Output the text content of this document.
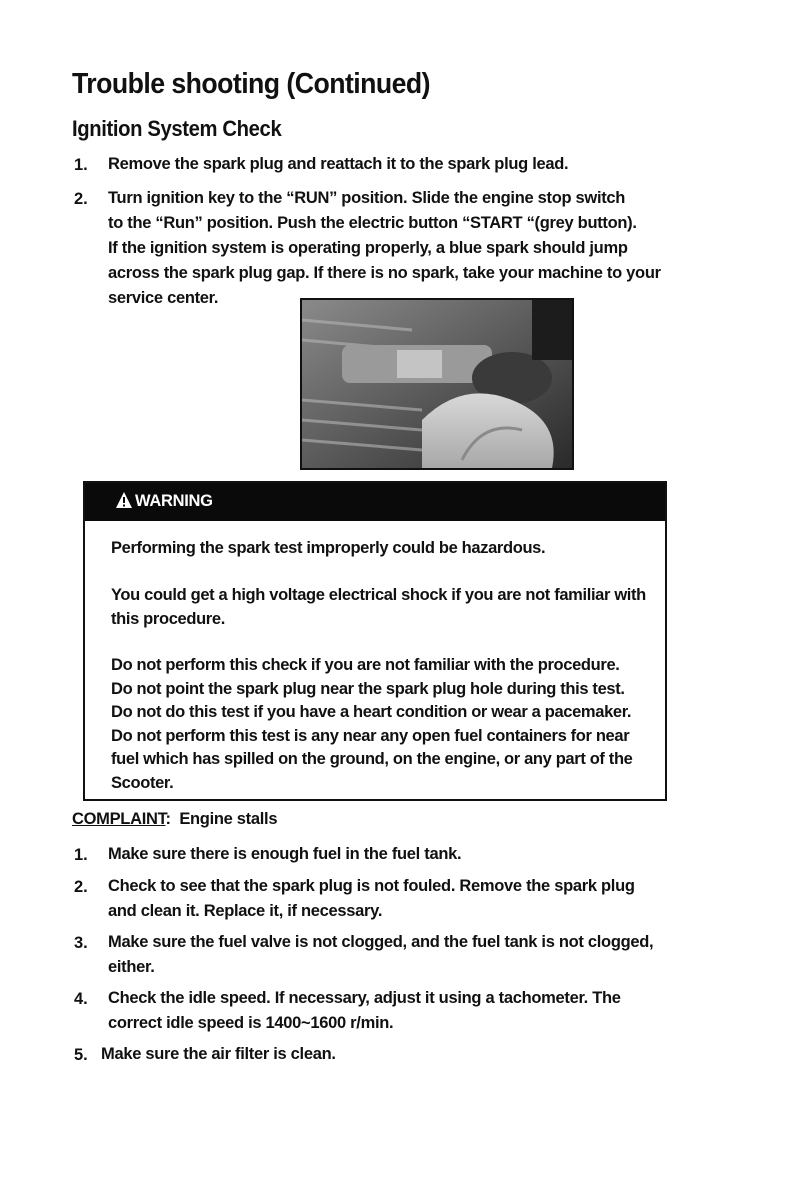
Trouble shooting (Continued)
Ignition System Check
1. Remove the spark plug and reattach it to the spark plug lead.
2. Turn ignition key to the “RUN” position. Slide the engine stop switch
to the “Run” position. Push the electric button “START “(grey button).
If the ignition system is operating properly, a blue spark should jump
across the spark plug gap. If there is no spark, take your machine to your
service center.
WARNING
Performing the spark test improperly could be hazardous.
You could get a high voltage electrical shock if you are not familiar with
this procedure.
Do not perform this check if you are not familiar with the procedure.
Do not point the spark plug near the spark plug hole during this test.
Do not do this test if you have a heart condition or wear a pacemaker.
Do not perform this test is any near any open fuel containers for near
fuel which has spilled on the ground, on the engine, or any part of the
Scooter.
COMPLAINT:  Engine stalls
1. Make sure there is enough fuel in the fuel tank.
2. Check to see that the spark plug is not fouled. Remove the spark plug
and clean it. Replace it, if necessary.
3. Make sure the fuel valve is not clogged, and the fuel tank is not clogged,
either.
4. Check the idle speed. If necessary, adjust it using a tachometer. The
correct idle speed is 1400~1600 r/min.
5. Make sure the air filter is clean.
